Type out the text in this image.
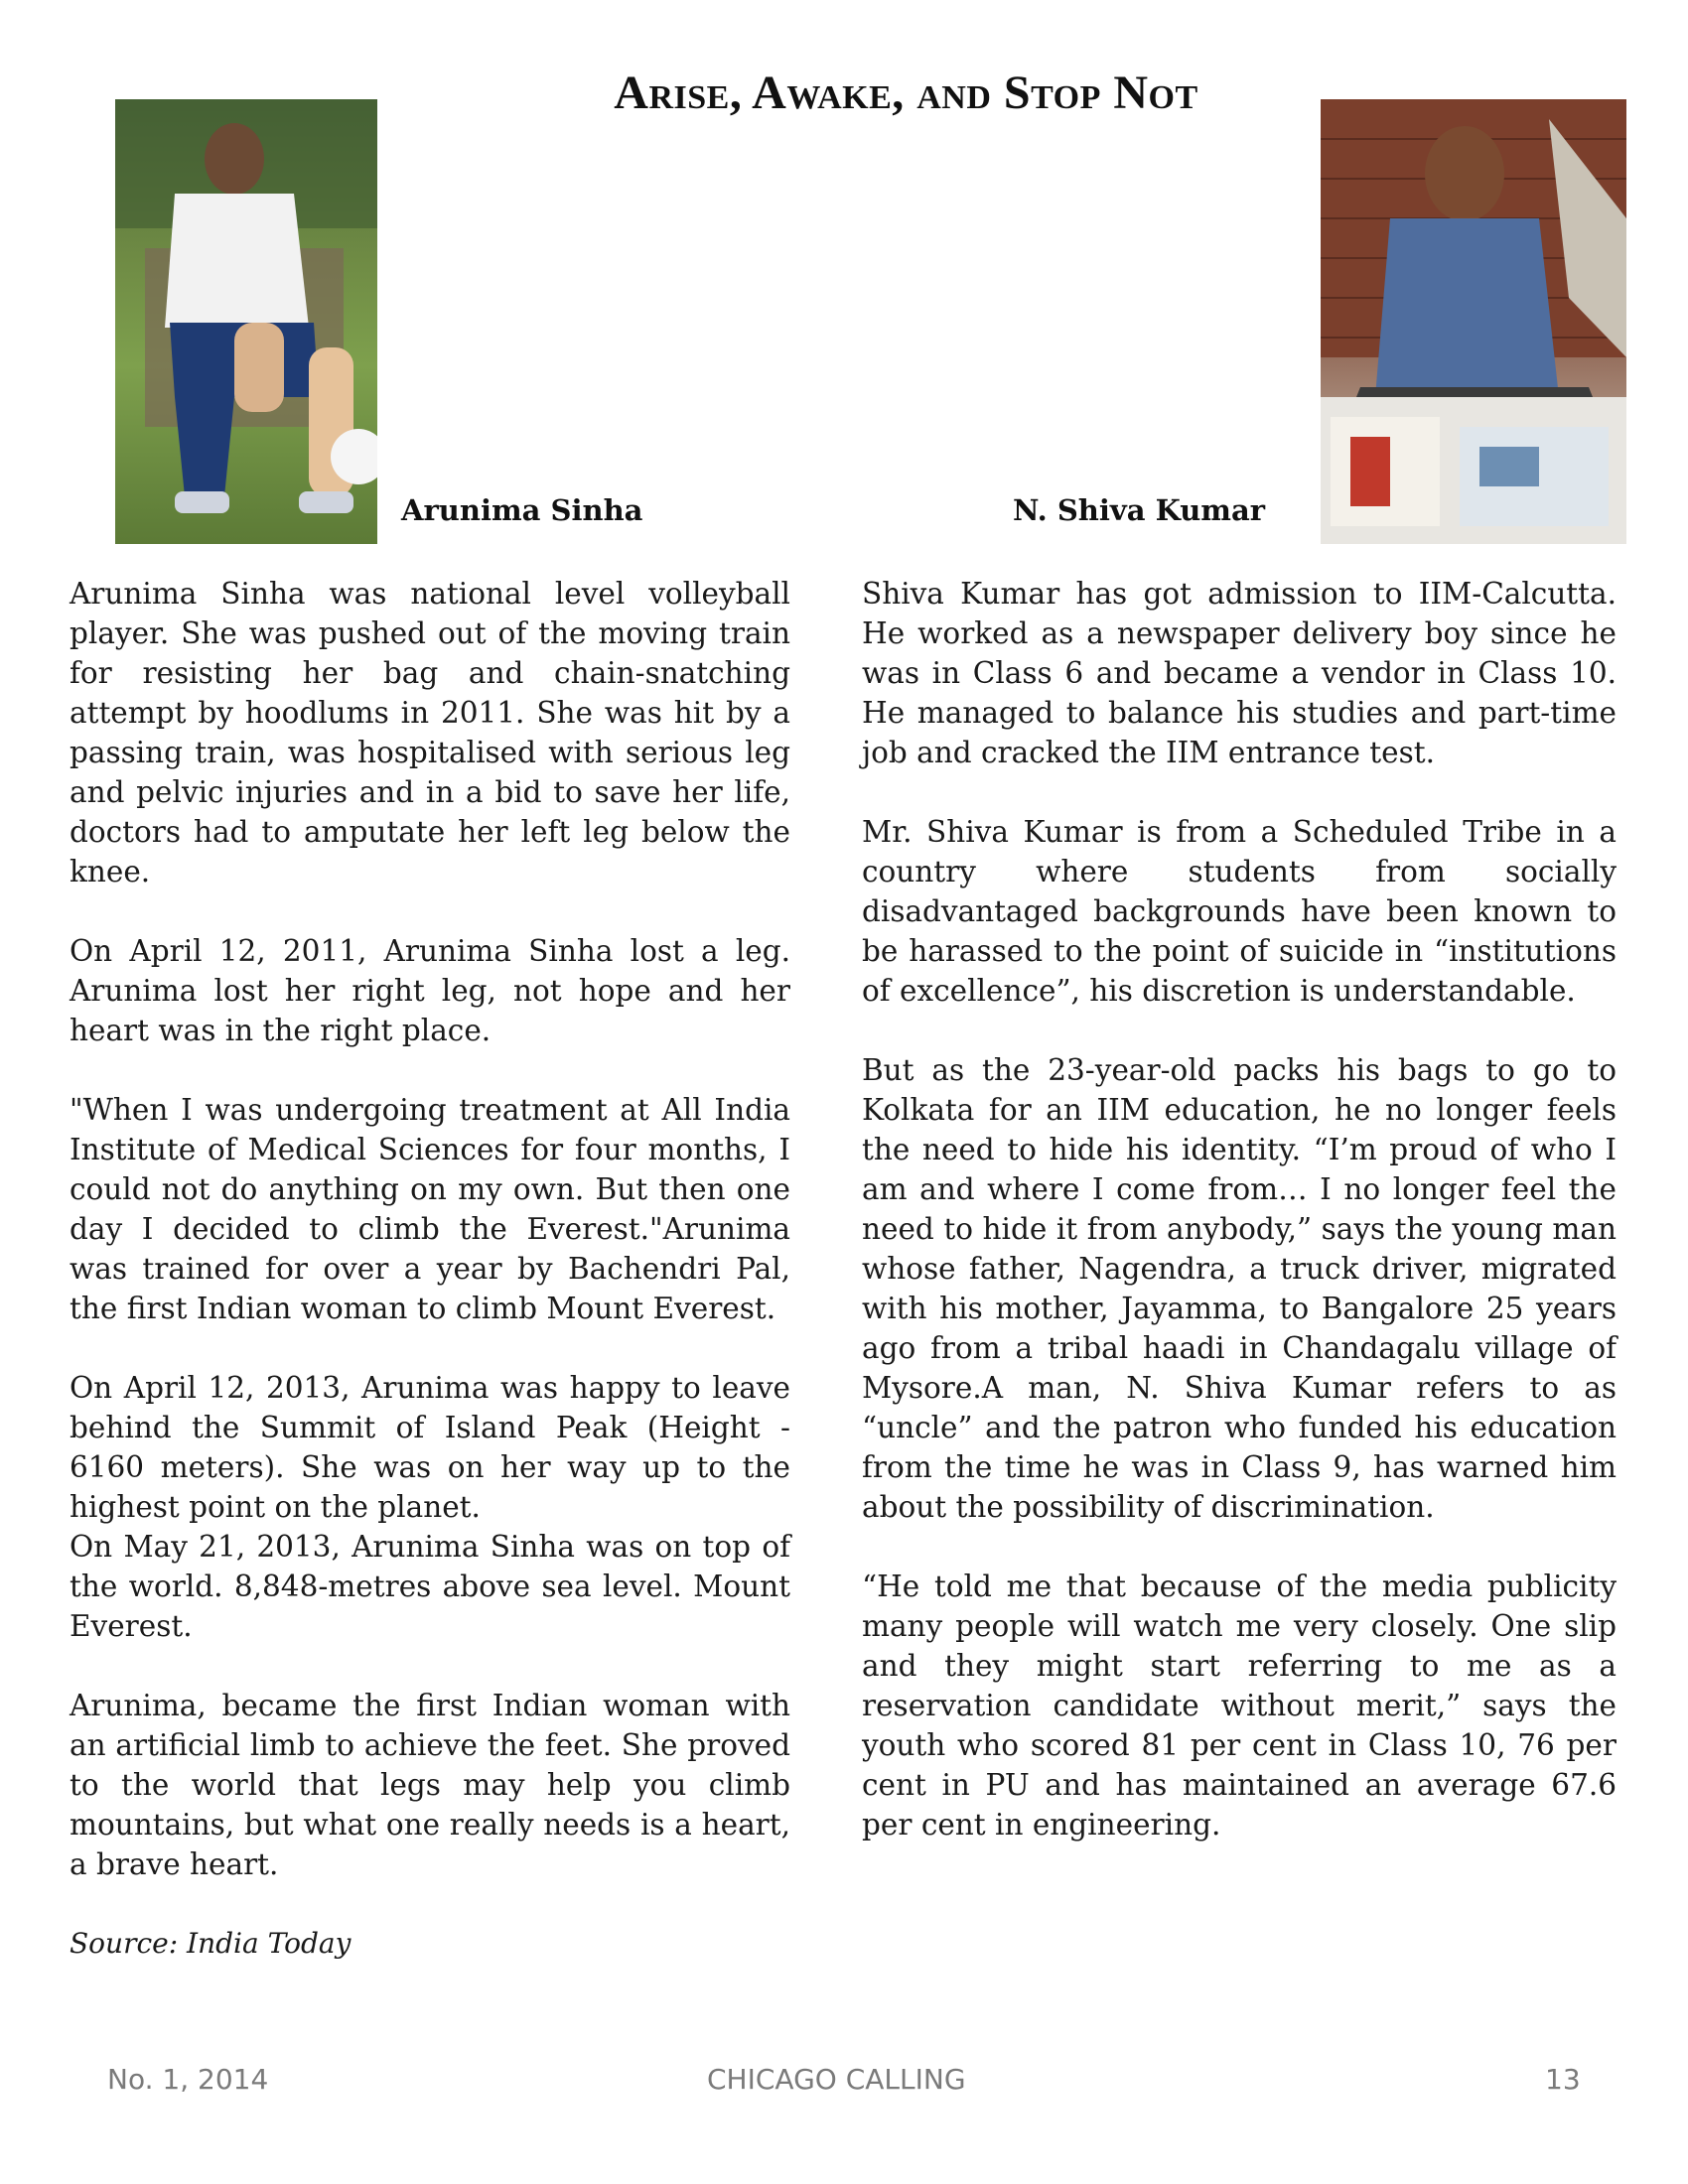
Arise, Awake, and Stop Not
Arunima Sinha	N. Shiva Kumar

Arunima Sinha was national level volleyball player. She was pushed out of the moving train for resisting her bag and chain-snatching attempt by hoodlums in 2011. She was hit by a passing train, was hospitalised with serious leg and pelvic injuries and in a bid to save her life, doctors had to amputate her left leg below the knee.

On April 12, 2011, Arunima Sinha lost a leg. Arunima lost her right leg, not hope and her heart was in the right place.

"When I was undergoing treatment at All India Institute of Medical Sciences for four months, I could not do anything on my own. But then one day I decided to climb the Everest."Arunima was trained for over a year by Bachendri Pal, the first Indian woman to climb Mount Everest.

On April 12, 2013, Arunima was happy to leave behind the Summit of Island Peak (Height - 6160 meters). She was on her way up to the highest point on the planet.

On May 21, 2013, Arunima Sinha was on top of the world. 8,848-metres above sea level. Mount Everest.

Arunima, became the first Indian woman with an artificial limb to achieve the feet. She proved to the world that legs may help you climb mountains, but what one really needs is a heart, a brave heart.

Source: India Today

Shiva Kumar has got admission to IIM-Calcutta. He worked as a newspaper delivery boy since he was in Class 6 and became a vendor in Class 10. He managed to balance his studies and part-time job and cracked the IIM entrance test.

Mr. Shiva Kumar is from a Scheduled Tribe in a country where students from socially disadvantaged backgrounds have been known to be harassed to the point of suicide in “institutions of excellence”, his discretion is understandable.

But as the 23-year-old packs his bags to go to Kolkata for an IIM education, he no longer feels the need to hide his identity. “I’m proud of who I am and where I come from… I no longer feel the need to hide it from anybody,” says the young man whose father, Nagendra, a truck driver, migrated with his mother, Jayamma, to Bangalore 25 years ago from a tribal haadi in Chandagalu village of Mysore.A man, N. Shiva Kumar refers to as “uncle” and the patron who funded his education from the time he was in Class 9, has warned him about the possibility of discrimination.

“He told me that because of the media publicity many people will watch me very closely. One slip and they might start referring to me as a reservation candidate without merit,” says the youth who scored 81 per cent in Class 10, 76 per cent in PU and has maintained an average 67.6 per cent in engineering.

No. 1, 2014	CHICAGO CALLING	13
